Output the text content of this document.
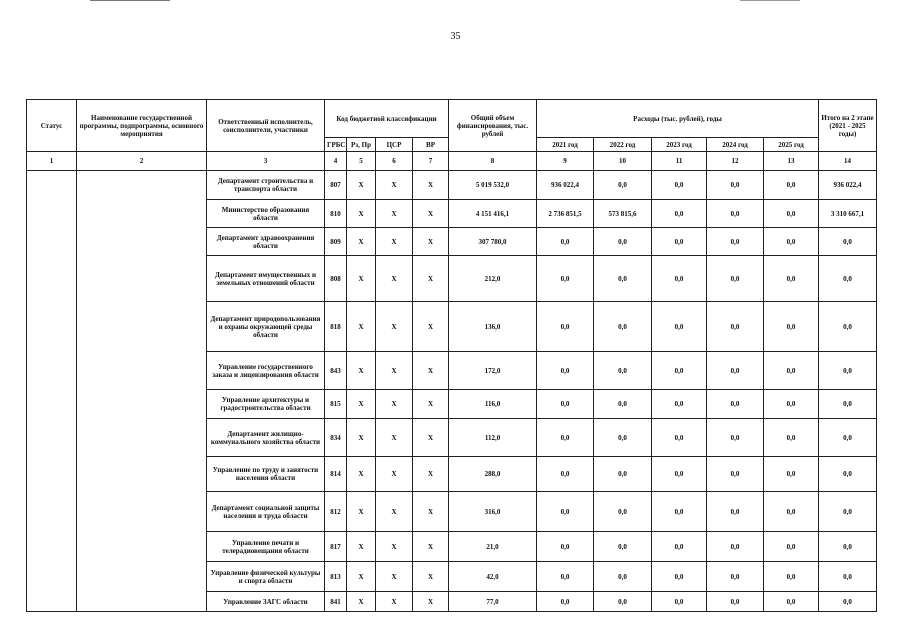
35
Статус	Наименование государственной программы, подпрограммы, основного мероприятия	Ответственный исполнитель, соисполнители, участники	Код бюджетной классификации				Общий объем финансирования, тыс. рублей	Расходы (тыс. рублей), годы					Итого на 2 этапе (2021 - 2025 годы)
			ГРБС	Рз, Пр	ЦСР	ВР		2021 год	2022 год	2023 год	2024 год	2025 год	
1	2	3	4	5	6	7	8	9	10	11	12	13	14
		Департамент строительства и транспорта области	807	X	X	X	5 019 532,0	936 022,4	0,0	0,0	0,0	0,0	936 022,4
		Министерство образования области	810	X	X	X	4 151 416,1	2 736 851,5	573 815,6	0,0	0,0	0,0	3 310 667,1
		Департамент здравоохранения области	809	X	X	X	307 780,0	0,0	0,0	0,0	0,0	0,0	0,0
		Департамент имущественных и земельных отношений области	808	X	X	X	212,0	0,0	0,0	0,0	0,0	0,0	0,0
		Департамент природопользования и охраны окружающей среды области	818	X	X	X	136,0	0,0	0,0	0,0	0,0	0,0	0,0
		Управление государственного заказа и лицензирования области	843	X	X	X	172,0	0,0	0,0	0,0	0,0	0,0	0,0
		Управление архитектуры и градостроительства области	815	X	X	X	116,0	0,0	0,0	0,0	0,0	0,0	0,0
		Департамент жилищно-коммунального хозяйства области	834	X	X	X	112,0	0,0	0,0	0,0	0,0	0,0	0,0
		Управление по труду и занятости населения области	814	X	X	X	288,0	0,0	0,0	0,0	0,0	0,0	0,0
		Департамент социальной защиты населения и труда области	812	X	X	X	316,0	0,0	0,0	0,0	0,0	0,0	0,0
		Управление печати и телерадиовещания области	817	X	X	X	21,0	0,0	0,0	0,0	0,0	0,0	0,0
		Управление физической культуры и спорта области	813	X	X	X	42,0	0,0	0,0	0,0	0,0	0,0	0,0
		Управление ЗАГС области	841	X	X	X	77,0	0,0	0,0	0,0	0,0	0,0	0,0
